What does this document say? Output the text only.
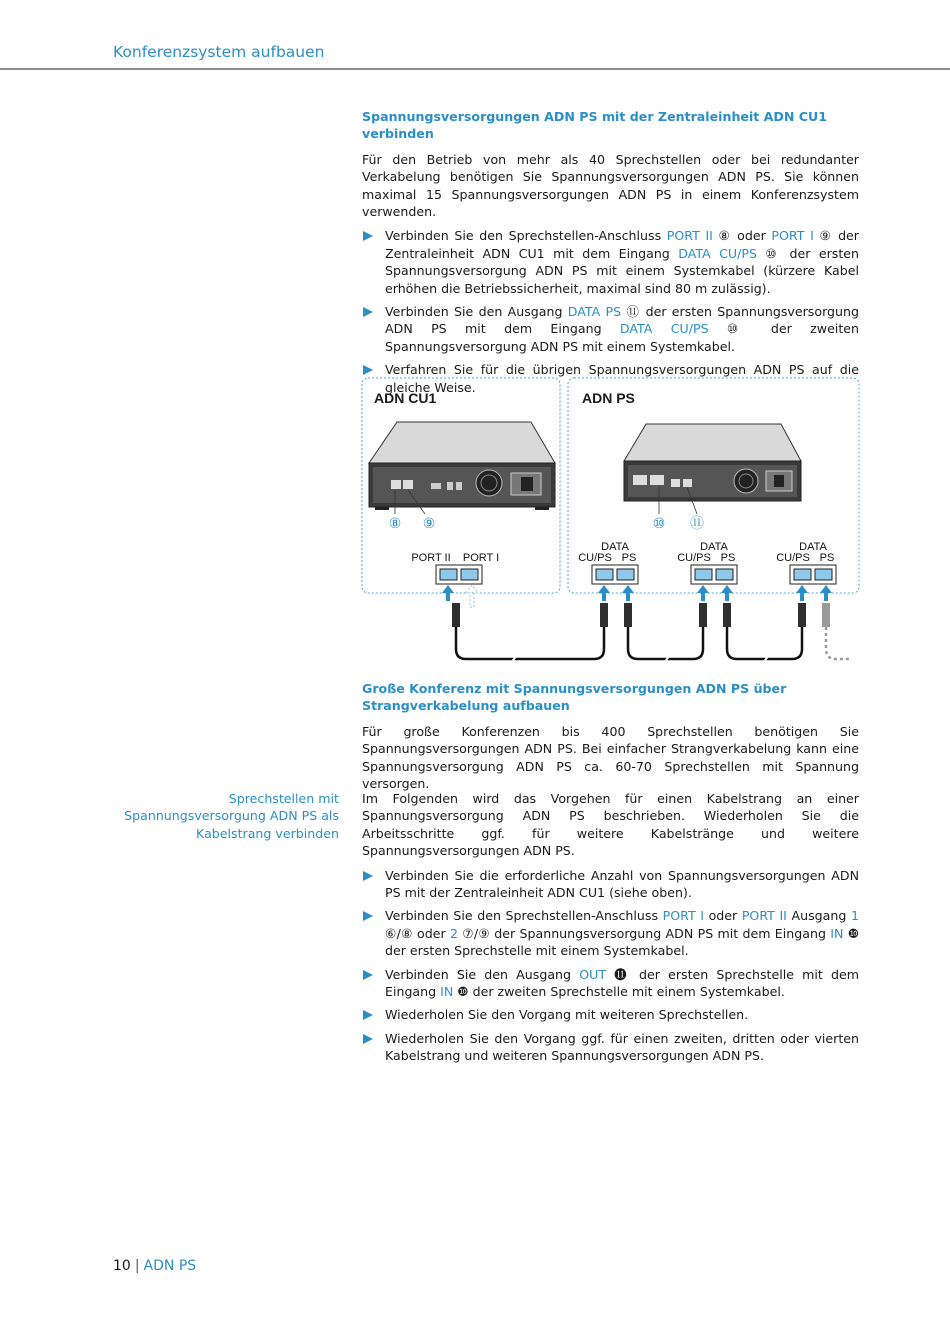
Konferenzsystem aufbauen
Spannungsversorgungen ADN PS mit der Zentraleinheit ADN CU1 verbinden
Für den Betrieb von mehr als 40 Sprechstellen oder bei redundanter Verkabelung benötigen Sie Spannungsversorgungen ADN PS. Sie können maximal 15 Spannungsversorgungen ADN PS in einem Konferenzsystem verwenden.
Verbinden Sie den Sprechstellen-Anschluss PORT II ⑧ oder PORT I ⑨ der Zentraleinheit ADN CU1 mit dem Eingang DATA CU/PS ⑩ der ersten Spannungsversorgung ADN PS mit einem Systemkabel (kürzere Kabel erhöhen die Betriebssicherheit, maximal sind 80 m zulässig).
Verbinden Sie den Ausgang DATA PS ⑪ der ersten Spannungsversorgung ADN PS mit dem Eingang DATA CU/PS ⑩ der zweiten Spannungsversorgung ADN PS mit einem Systemkabel.
Verfahren Sie für die übrigen Spannungsversorgungen ADN PS auf die gleiche Weise.
ADN CU1	ADN PS
⑧ ⑨
PORT II PORT I
⑩ ⑪
DATA
CU/PS PS
DATA
CU/PS PS
DATA
CU/PS PS
Große Konferenz mit Spannungsversorgungen ADN PS über Strangverkabelung aufbauen
Für große Konferenzen bis 400 Sprechstellen benötigen Sie Spannungsversorgungen ADN PS. Bei einfacher Strangverkabelung kann eine Spannungsversorgung ADN PS ca. 60-70 Sprechstellen mit Spannung versorgen.
Sprechstellen mit Spannungsversorgung ADN PS als Kabelstrang verbinden
Im Folgenden wird das Vorgehen für einen Kabelstrang an einer Spannungsversorgung ADN PS beschrieben. Wiederholen Sie die Arbeitsschritte ggf. für weitere Kabelstränge und weitere Spannungsversorgungen ADN PS.
Verbinden Sie die erforderliche Anzahl von Spannungsversorgungen ADN PS mit der Zentraleinheit ADN CU1 (siehe oben).
Verbinden Sie den Sprechstellen-Anschluss PORT I oder PORT II Ausgang 1 ⑥/⑧ oder 2 ⑦/⑨ der Spannungsversorgung ADN PS mit dem Eingang IN ❿ der ersten Sprechstelle mit einem Systemkabel.
Verbinden Sie den Ausgang OUT ⓫ der ersten Sprechstelle mit dem Eingang IN ❿ der zweiten Sprechstelle mit einem Systemkabel.
Wiederholen Sie den Vorgang mit weiteren Sprechstellen.
Wiederholen Sie den Vorgang ggf. für einen zweiten, dritten oder vierten Kabelstrang und weiteren Spannungsversorgungen ADN PS.
10 | ADN PS
